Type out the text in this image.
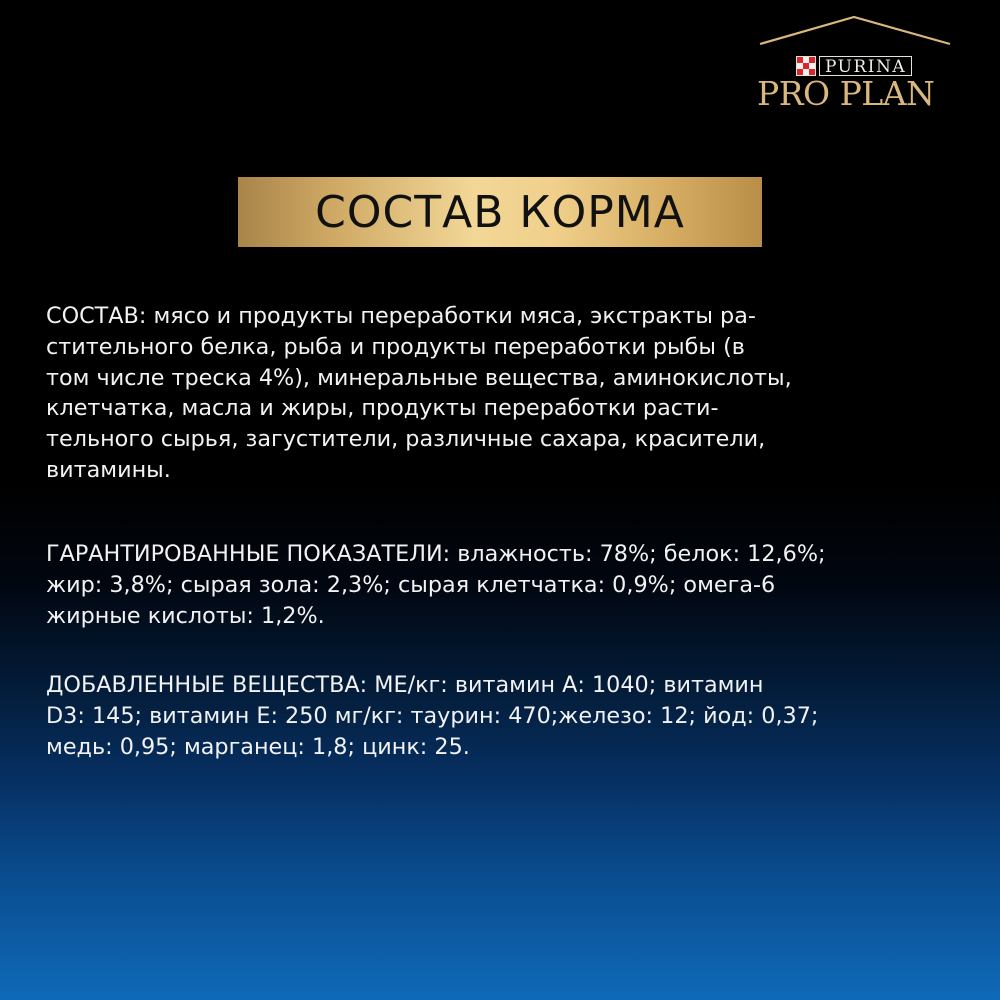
PURINA
PRO PLAN
СОСТАВ КОРМА

СОСТАВ: мясо и продукты переработки мяса, экстракты ра-
стительного белка, рыба и продукты переработки рыбы (в
том числе треска 4%), минеральные вещества, аминокислоты,
клетчатка, масла и жиры, продукты переработки расти-
тельного сырья, загустители, различные сахара, красители,
витамины.

ГАРАНТИРОВАННЫЕ ПОКАЗАТЕЛИ: влажность: 78%; белок: 12,6%;
жир: 3,8%; сырая зола: 2,3%; сырая клетчатка: 0,9%; омега-6
жирные кислоты: 1,2%.

ДОБАВЛЕННЫЕ ВЕЩЕСТВА: МЕ/кг: витамин А: 1040; витамин
D3: 145; витамин Е: 250 мг/кг: таурин: 470;железо: 12; йод: 0,37;
медь: 0,95; марганец: 1,8; цинк: 25.
